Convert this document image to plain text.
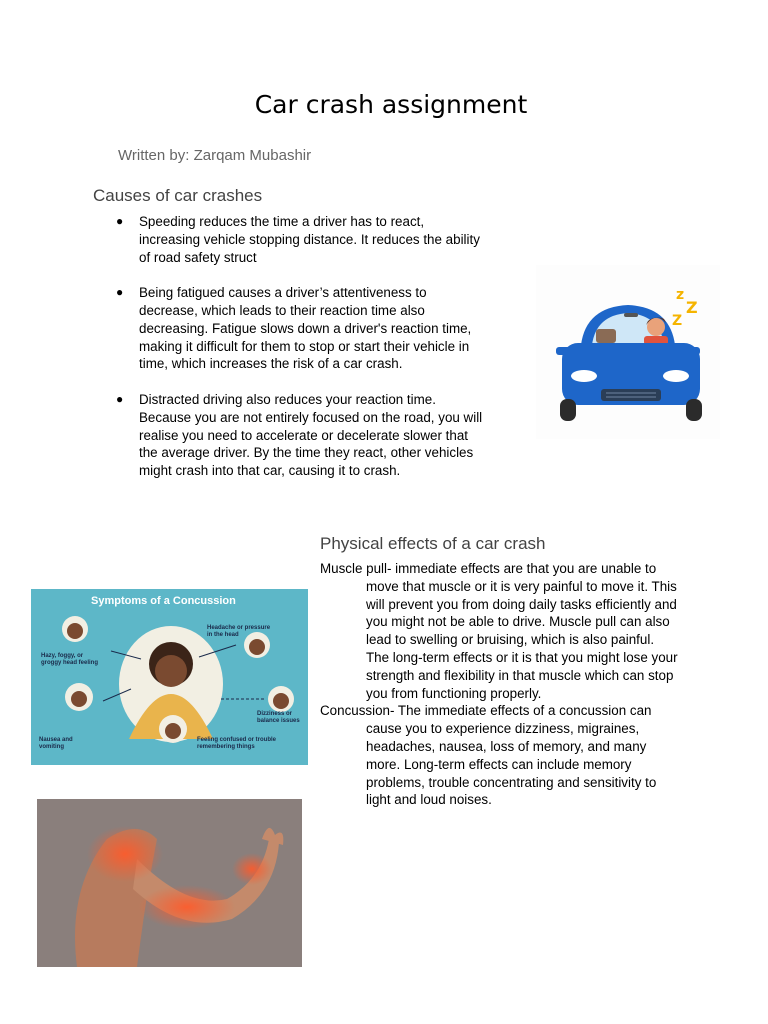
Car crash assignment
Written by: Zarqam Mubashir
Causes of car crashes
● Speeding reduces the time a driver has to react, increasing vehicle stopping distance. It reduces the ability of road safety struct
● Being fatigued causes a driver’s attentiveness to decrease, which leads to their reaction time also decreasing. Fatigue slows down a driver's reaction time, making it difficult for them to stop or start their vehicle in time, which increases the risk of a car crash.
● Distracted driving also reduces your reaction time. Because you are not entirely focused on the road, you will realise you need to accelerate or decelerate slower that the average driver. By the time they react, other vehicles might crash into that car, causing it to crash.
z
Z
Z
Physical effects of a car crash

Muscle pull- immediate effects are that you are unable to move that muscle or it is very painful to move it. This will prevent you from doing daily tasks efficiently and you might not be able to drive. Muscle pull can also lead to swelling or bruising, which is also painful. The long-term effects or it is that you might lose your strength and flexibility in that muscle which can stop you from functioning properly.

Concussion- The immediate effects of a concussion can cause you to experience dizziness, migraines, headaches, nausea, loss of memory, and many more. Long-term effects can include memory problems, trouble concentrating and sensitivity to light and loud noises.

Symptoms of a Concussion
Headache or pressure in the head
Hazy, foggy, or groggy head feeling
Dizziness or balance issues
Nausea and vomiting
Feeling confused or trouble remembering things
